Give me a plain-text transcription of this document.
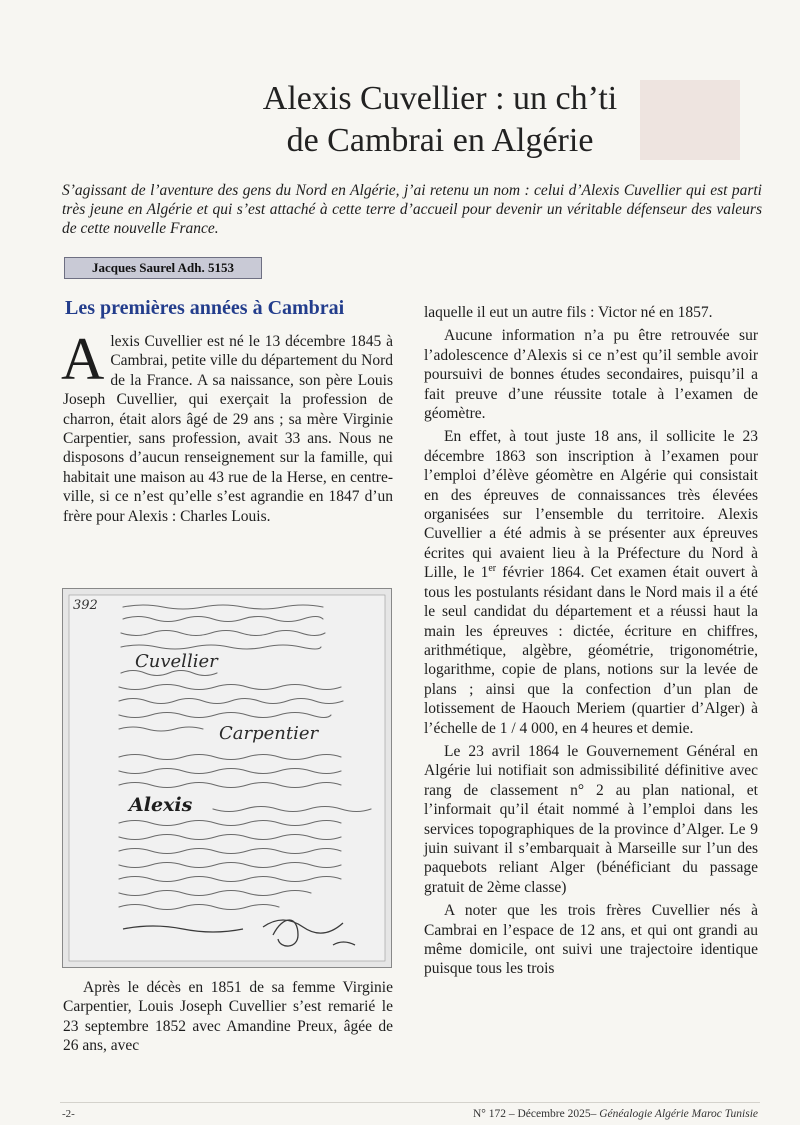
Alexis Cuvellier : un ch’ti
de Cambrai en Algérie
S’agissant de l’aventure des gens du Nord en Algérie, j’ai retenu un nom : celui d’Alexis Cuvellier qui est parti très jeune en Algérie et qui s’est attaché à cette terre d’accueil pour devenir un véritable défenseur des valeurs de cette nouvelle France.
Jacques Saurel Adh. 5153
Les premières années à Cambrai

Alexis Cuvellier est né le 13 décembre 1845 à Cambrai, petite ville du département du Nord de la France. A sa naissance, son père Louis Joseph Cuvellier, qui exerçait la profession de charron, était alors âgé de 29 ans ; sa mère Virginie Carpentier, sans profession, avait 33 ans. Nous ne disposons d’aucun renseignement sur la famille, qui habitait une maison au 43 rue de la Herse, en centre-ville, si ce n’est qu’elle s’est agrandie en 1847 d’un frère pour Alexis : Charles Louis.

392
Cuvellier
Carpentier
Alexis

Après le décès en 1851 de sa femme Virginie Carpentier, Louis Joseph Cuvellier s’est remarié le 23 septembre 1852 avec Amandine Preux, âgée de 26 ans, avec

laquelle il eut un autre fils : Victor né en 1857.

Aucune information n’a pu être retrouvée sur l’adolescence d’Alexis si ce n’est qu’il semble avoir poursuivi de bonnes études secondaires, puisqu’il a fait preuve d’une réussite totale à l’examen de géomètre.

En effet, à tout juste 18 ans, il sollicite le 23 décembre 1863 son inscription à l’examen pour l’emploi d’élève géomètre en Algérie qui consistait en des épreuves de connaissances très élevées organisées sur l’ensemble du territoire. Alexis Cuvellier a été admis à se présenter aux épreuves écrites qui avaient lieu à la Préfecture du Nord à Lille, le 1er février 1864. Cet examen était ouvert à tous les postulants résidant dans le Nord mais il a été le seul candidat du département et a réussi haut la main les épreuves : dictée, écriture en chiffres, arithmétique, algèbre, géométrie, trigonométrie, logarithme, copie de plans, notions sur la levée de plans ; ainsi que la confection d’un plan de lotissement de Haouch Meriem (quartier d’Alger) à l’échelle de 1 / 4 000, en 4 heures et demie.

Le 23 avril 1864 le Gouvernement Général en Algérie lui notifiait son admissibilité définitive avec rang de classement n° 2 au plan national, et l’informait qu’il était nommé à l’emploi dans les services topographiques de la province d’Alger. Le 9 juin suivant il s’embarquait à Marseille sur l’un des paquebots reliant Alger (bénéficiant du passage gratuit de 2ème classe)

A noter que les trois frères Cuvellier nés à Cambrai en l’espace de 12 ans, et qui ont grandi au même domicile, ont suivi une trajectoire identique puisque tous les trois

-2-	N° 172 – Décembre 2025– Généalogie Algérie Maroc Tunisie
